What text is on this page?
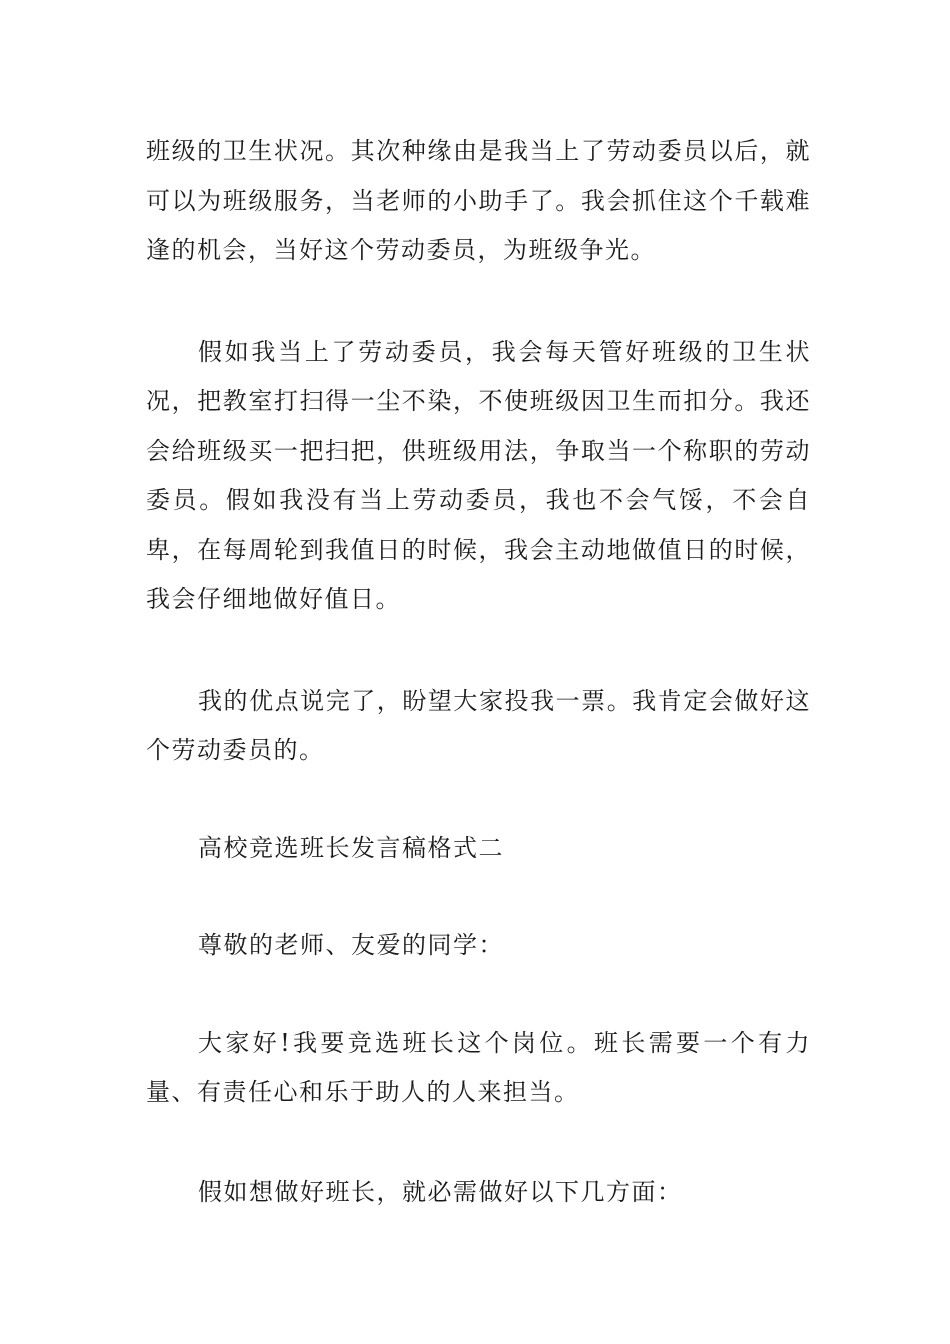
班级的卫生状况。其次种缘由是我当上了劳动委员以后，就可以为班级服务，当老师的小助手了。我会抓住这个千载难逢的机会，当好这个劳动委员，为班级争光。

假如我当上了劳动委员，我会每天管好班级的卫生状况，把教室打扫得一尘不染，不使班级因卫生而扣分。我还会给班级买一把扫把，供班级用法，争取当一个称职的劳动委员。假如我没有当上劳动委员，我也不会气馁，不会自卑，在每周轮到我值日的时候，我会主动地做值日的时候，我会仔细地做好值日。

我的优点说完了，盼望大家投我一票。我肯定会做好这个劳动委员的。

高校竞选班长发言稿格式二

尊敬的老师、友爱的同学：

大家好!我要竞选班长这个岗位。班长需要一个有力量、有责任心和乐于助人的人来担当。

假如想做好班长，就必需做好以下几方面：
